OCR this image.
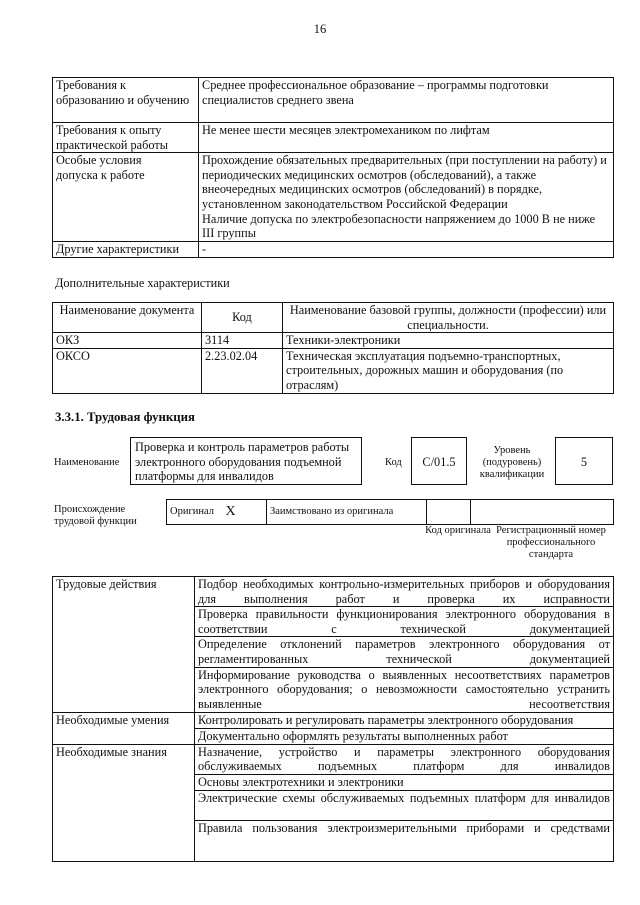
16
Требования к образованию и обучению	Среднее профессиональное образование – программы подготовки специалистов среднего звена
Требования к опыту практической работы	Не менее шести месяцев электромехаником по лифтам
Особые условия допуска к работе	Прохождение обязательных предварительных (при поступлении на работу) и периодических медицинских осмотров (обследований), а также внеочередных медицинских осмотров (обследований) в порядке, установленном законодательством Российской Федерации
Наличие допуска по электробезопасности напряжением до 1000 В не ниже III группы

Другие характеристики	-
Дополнительные характеристики
Наименование документа	Код	Наименование базовой группы, должности (профессии) или специальности.
ОКЗ	3114	Техники-электроники
ОКСО	2.23.02.04	Техническая эксплуатация подъемно-транспортных, строительных, дорожных машин и оборудования (по отраслям)
3.3.1. Трудовая функция
Наименование
Проверка и контроль параметров работы электронного оборудования подъемной платформы для инвалидов
Код	C/01.5
Уровень (подуровень) квалификации
5
Происхождение трудовой функции
Оригинал	X	Заимствовано из оригинала		
Код оригинала Регистрационный номер профессионального стандарта
Трудовые действия	Подбор необходимых контрольно-измерительных приборов и оборудования для выполнения работ и проверка их исправности
	Проверка правильности функционирования электронного оборудования в соответствии с технической документацией
	Определение отклонений параметров электронного оборудования от регламентированных технической документацией
	Информирование руководства о выявленных несоответствиях параметров электронного оборудования; о невозможности самостоятельно устранить выявленные несоответствия
Необходимые умения	Контролировать и регулировать параметры электронного оборудования
	Документально оформлять результаты выполненных работ
Необходимые знания	Назначение, устройство и параметры электронного оборудования обслуживаемых подъемных платформ для инвалидов
	Основы электротехники и электроники
	Электрические схемы обслуживаемых подъемных платформ для инвалидов
	Правила пользования электроизмерительными приборами и средствами
